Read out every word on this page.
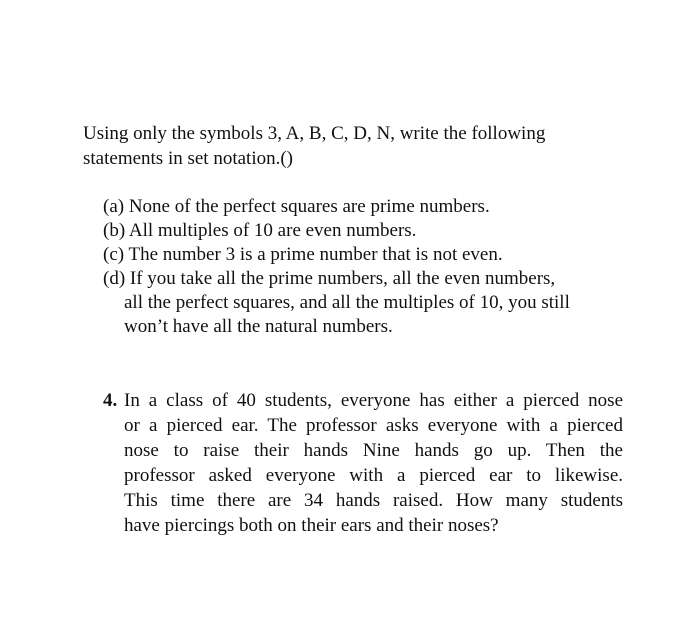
Using only the symbols 3, A, B, C, D, N, write the following
statements in set notation.()
(a) None of the perfect squares are prime numbers.
(b) All multiples of 10 are even numbers.
(c) The number 3 is a prime number that is not even.
(d) If you take all the prime numbers, all the even numbers,
all the perfect squares, and all the multiples of 10, you still
won’t have all the natural numbers.
4. In a class of 40 students, everyone has either a pierced nose
or a pierced ear. The professor asks everyone with a pierced
nose to raise their hands Nine hands go up. Then the
professor asked everyone with a pierced ear to likewise.
This time there are 34 hands raised. How many students
have piercings both on their ears and their noses?
